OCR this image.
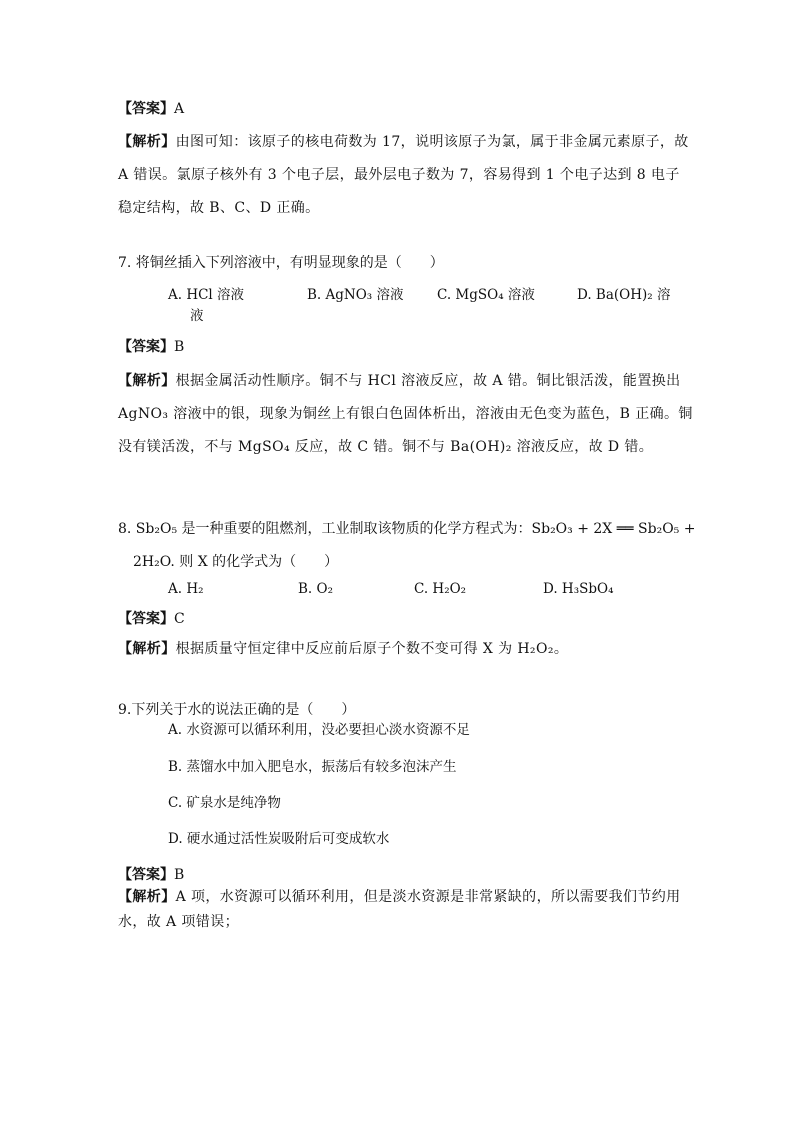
【答案】A
【解析】由图可知：该原子的核电荷数为 17，说明该原子为氯，属于非金属元素原子，故
A 错误。氯原子核外有 3 个电子层，最外层电子数为 7，容易得到 1 个电子达到 8 电子
稳定结构，故 B、C、D 正确。
7. 将铜丝插入下列溶液中，有明显现象的是（　　）
A. HCl 溶液	B. AgNO₃ 溶液 C. MgSO₄ 溶液	D. Ba(OH)₂ 溶
液
【答案】B
【解析】根据金属活动性顺序。铜不与 HCl 溶液反应，故 A 错。铜比银活泼，能置换出
AgNO₃ 溶液中的银，现象为铜丝上有银白色固体析出，溶液由无色变为蓝色，B 正确。铜
没有镁活泼，不与 MgSO₄ 反应，故 C 错。铜不与 Ba(OH)₂ 溶液反应，故 D 错。
8. Sb₂O₅ 是一种重要的阻燃剂，工业制取该物质的化学方程式为：Sb₂O₃ + 2X ══ Sb₂O₅ +
2H₂O. 则 X 的化学式为（　　）
A. H₂	B. O₂	C. H₂O₂	D. H₃SbO₄
【答案】C
【解析】根据质量守恒定律中反应前后原子个数不变可得 X 为 H₂O₂。
9.下列关于水的说法正确的是（　　）
A. 水资源可以循环利用，没必要担心淡水资源不足
B. 蒸馏水中加入肥皂水，振荡后有较多泡沫产生
C. 矿泉水是纯净物
D. 硬水通过活性炭吸附后可变成软水
【答案】B
【解析】A 项，水资源可以循环利用，但是淡水资源是非常紧缺的，所以需要我们节约用
水，故 A 项错误；
